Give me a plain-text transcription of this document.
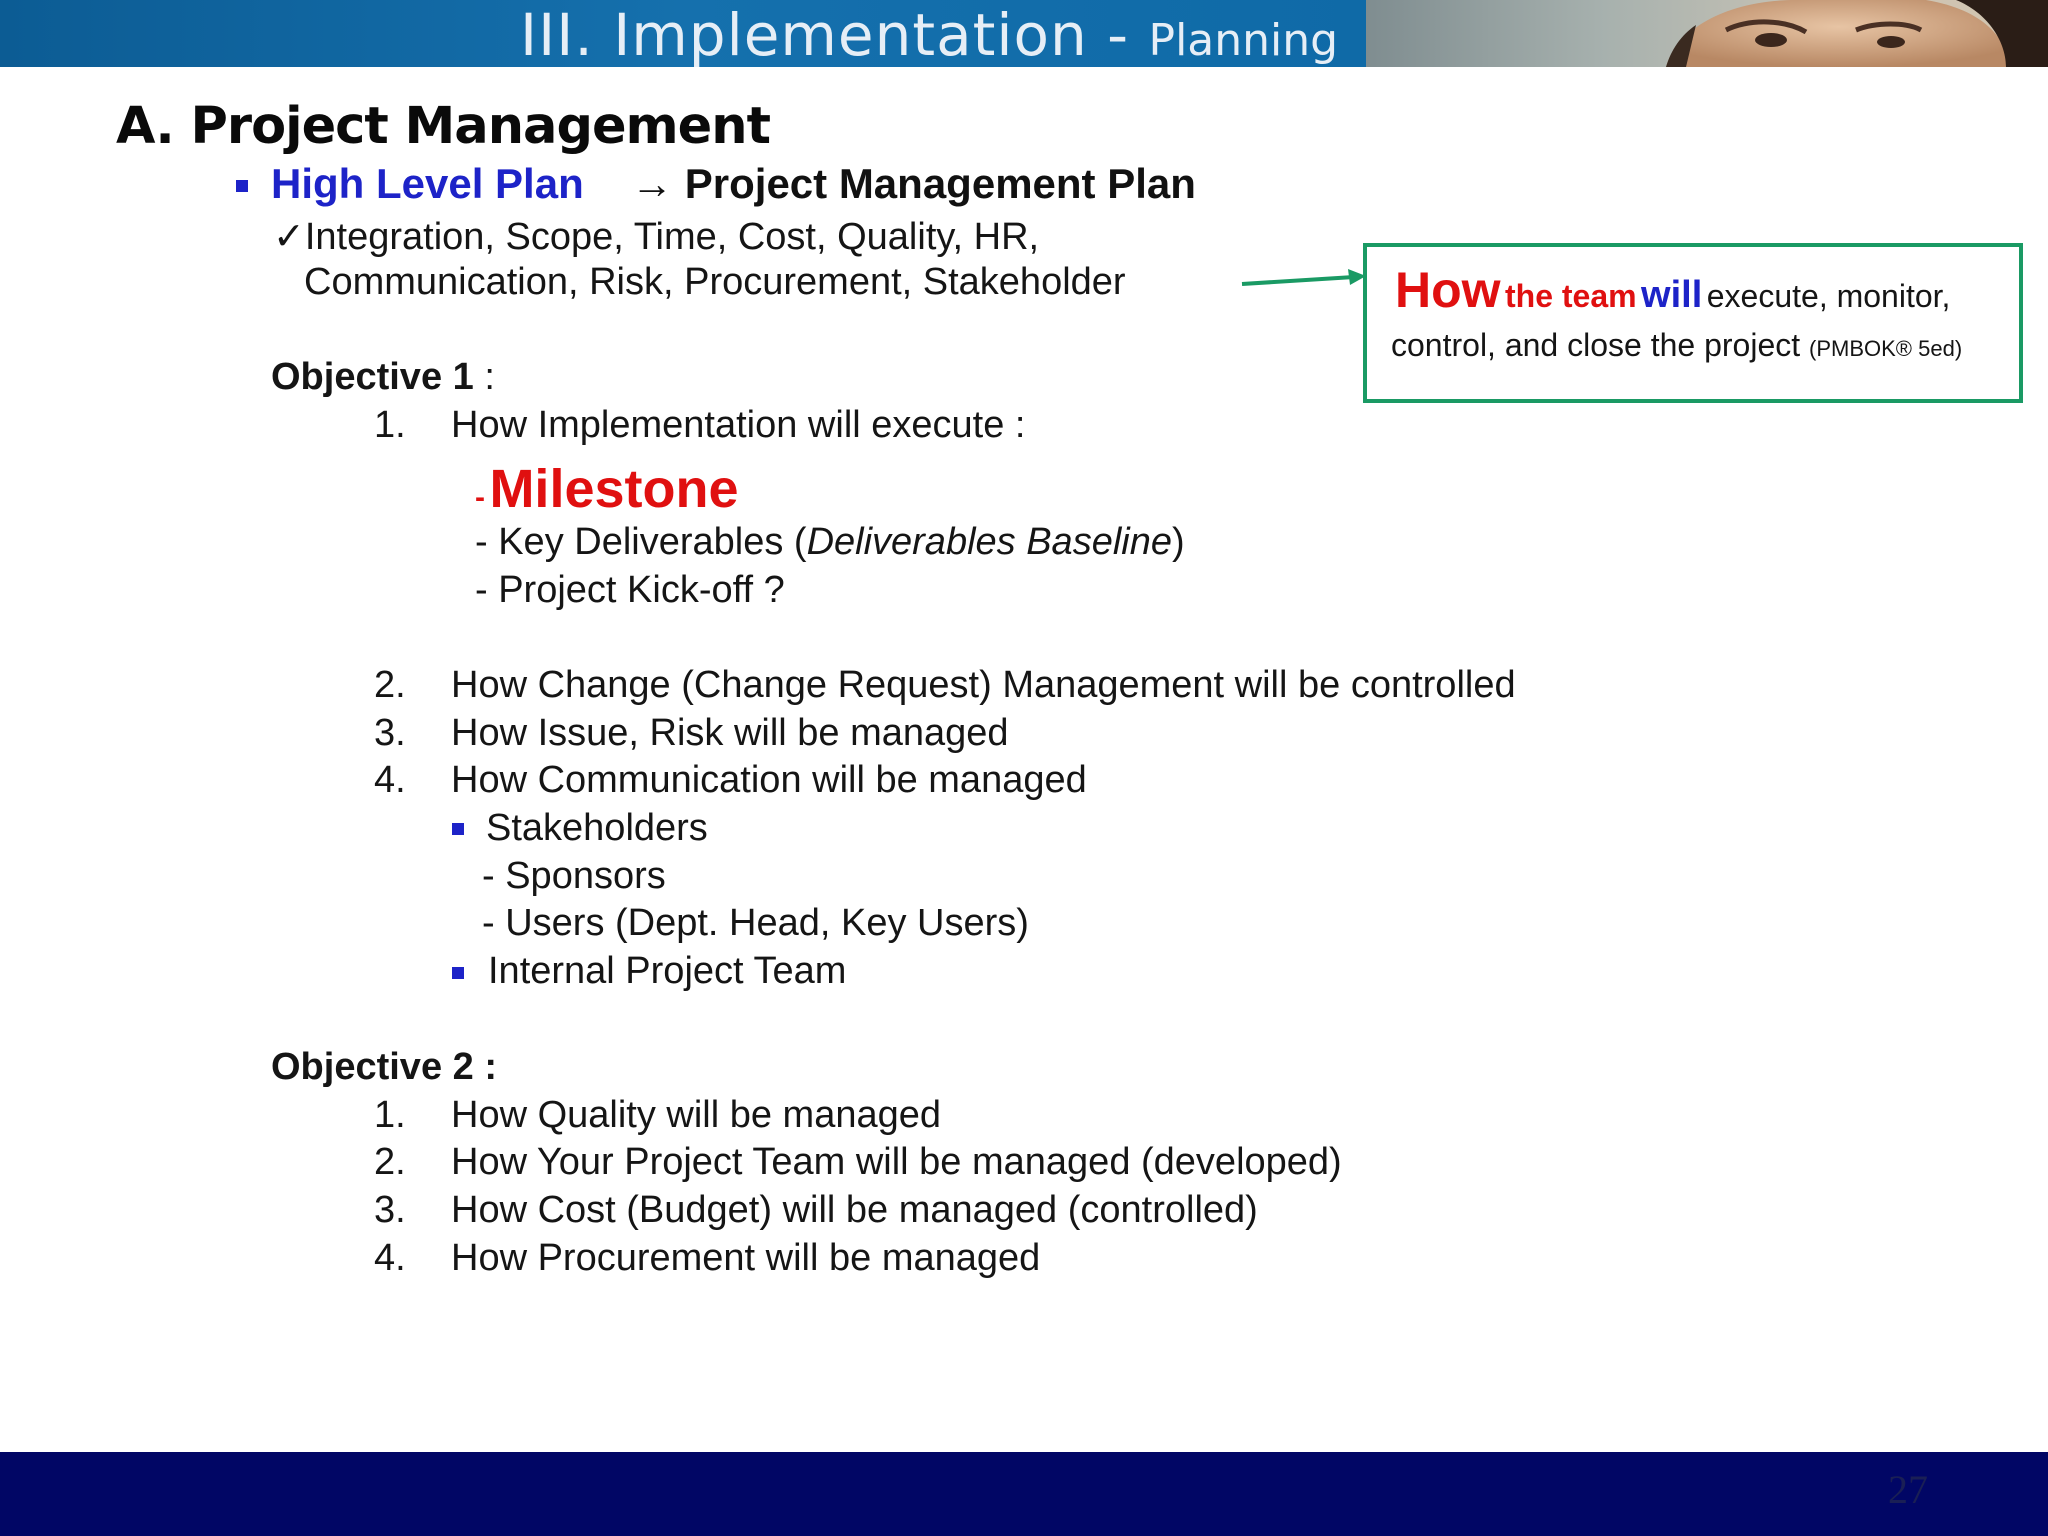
III. Implementation - Planning
A. Project Management
High Level Plan → Project Management Plan
✓Integration, Scope, Time, Cost, Quality, HR,
Communication, Risk, Procurement, Stakeholder	How the team will execute, monitor,
control, and close the project (PMBOK® 5ed)
Objective 1 :
1. How Implementation will execute :
- Milestone
- Key Deliverables (Deliverables Baseline)
- Project Kick-off ?
2. How Change (Change Request) Management will be controlled
3. How Issue, Risk will be managed
4. How Communication will be managed
Stakeholders
- Sponsors
- Users (Dept. Head, Key Users)
Internal Project Team
Objective 2 :
1. How Quality will be managed
2. How Your Project Team will be managed (developed)
3. How Cost (Budget) will be managed (controlled)
4. How Procurement will be managed
27
